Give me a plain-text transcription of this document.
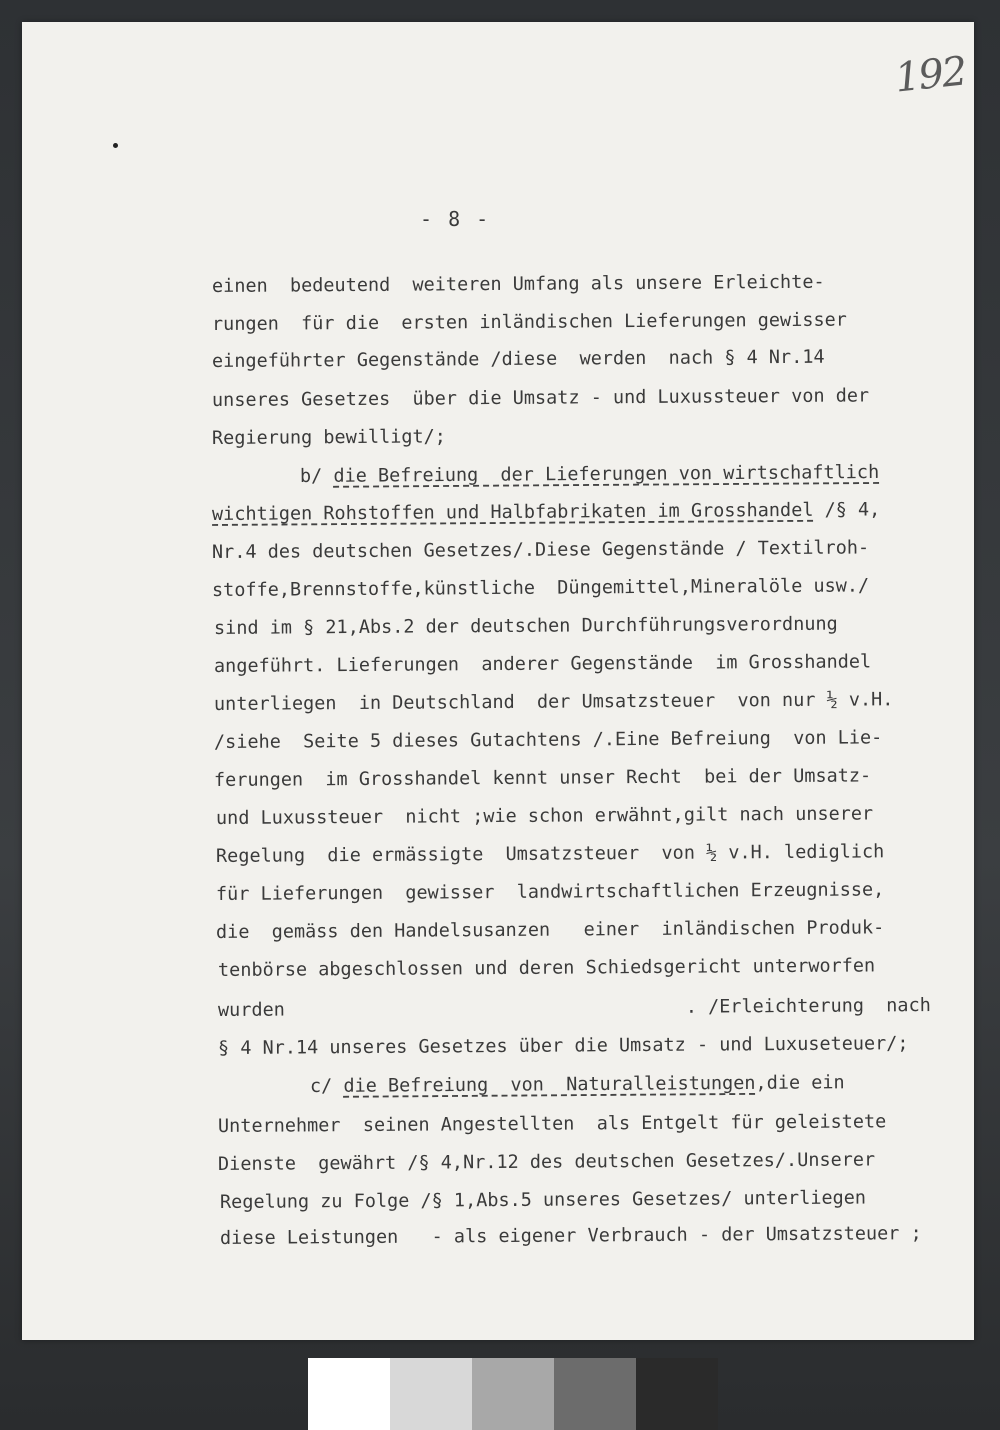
192
- 8 -
einen  bedeutend  weiteren Umfang als unsere Erleichte-
rungen  für die  ersten inländischen Lieferungen gewisser
eingeführter Gegenstände /diese  werden  nach § 4 Nr.14
unseres Gesetzes  über die Umsatz - und Luxussteuer von der
Regierung bewilligt/;
b/ die Befreiung  der Lieferungen von wirtschaftlich
wichtigen Rohstoffen und Halbfabrikaten im Grosshandel /§ 4,
Nr.4 des deutschen Gesetzes/.Diese Gegenstände / Textilroh-
stoffe,Brennstoffe,künstliche  Düngemittel,Mineralöle usw./
sind im § 21,Abs.2 der deutschen Durchführungsverordnung
angeführt. Lieferungen  anderer Gegenstände  im Grosshandel
unterliegen  in Deutschland  der Umsatzsteuer  von nur ½ v.H.
/siehe  Seite 5 dieses Gutachtens /.Eine Befreiung  von Lie-
ferungen  im Grosshandel kennt unser Recht  bei der Umsatz-
und Luxussteuer  nicht ;wie schon erwähnt,gilt nach unserer
Regelung  die ermässigte  Umsatzsteuer  von ½ v.H. lediglich
für Lieferungen  gewisser  landwirtschaftlichen Erzeugnisse,
die  gemäss den Handelsusanzen   einer  inländischen Produk-
tenbörse abgeschlossen und deren Schiedsgericht unterworfen
wurden                                    . /Erleichterung  nach
§ 4 Nr.14 unseres Gesetzes über die Umsatz - und Luxuseteuer/;
c/ die Befreiung  von  Naturalleistungen,die ein
Unternehmer  seinen Angestellten  als Entgelt für geleistete
Dienste  gewährt /§ 4,Nr.12 des deutschen Gesetzes/.Unserer
Regelung zu Folge /§ 1,Abs.5 unseres Gesetzes/ unterliegen
diese Leistungen   - als eigener Verbrauch - der Umsatzsteuer ;
